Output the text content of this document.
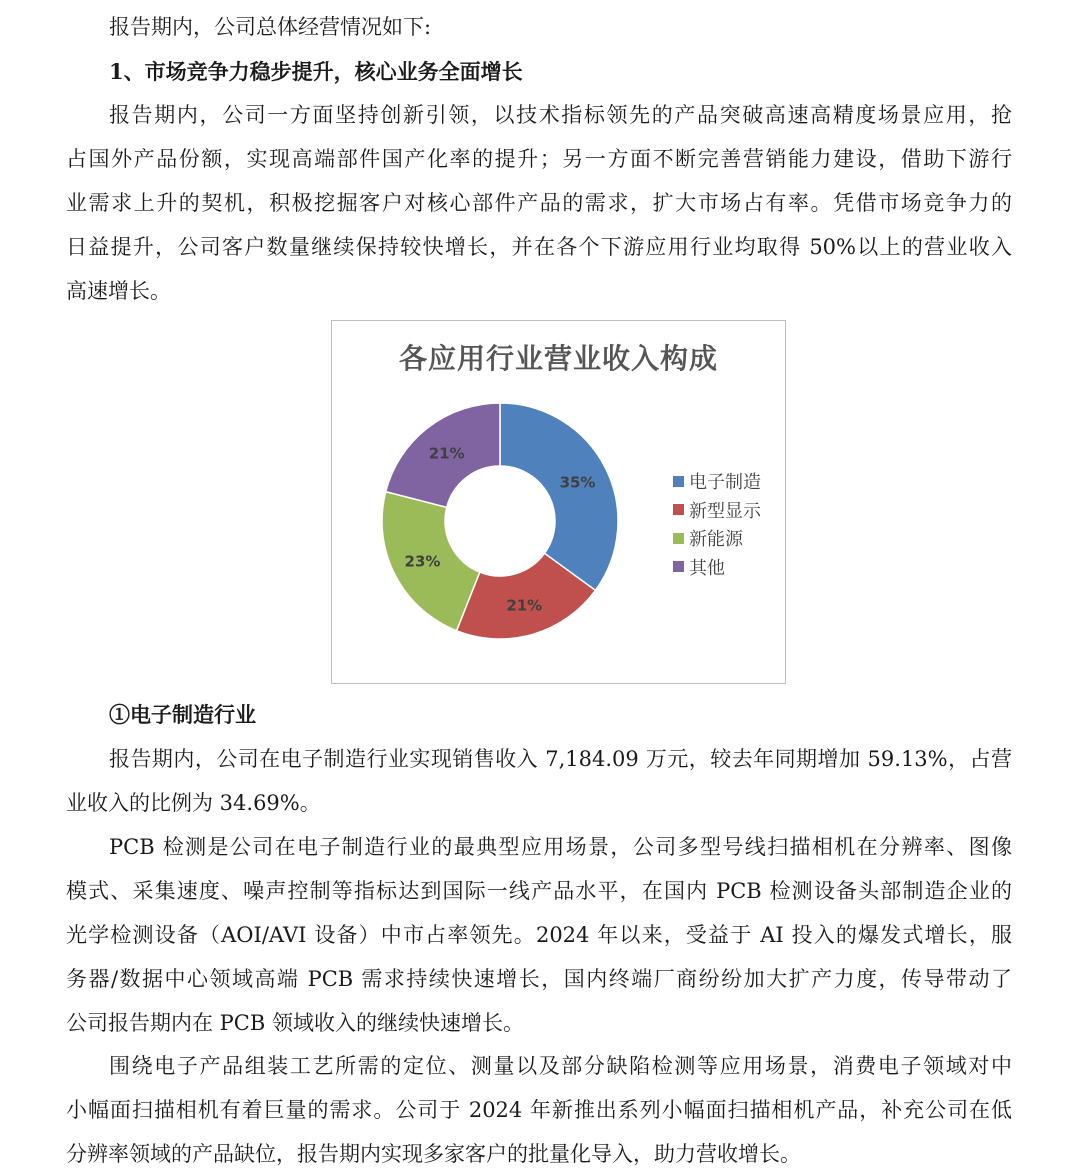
报告期内，公司总体经营情况如下:
1、市场竞争力稳步提升，核心业务全面增长
报告期内，公司一方面坚持创新引领，以技术指标领先的产品突破高速高精度场景应用，抢
占国外产品份额，实现高端部件国产化率的提升；另一方面不断完善营销能力建设，借助下游行
业需求上升的契机，积极挖掘客户对核心部件产品的需求，扩大市场占有率。凭借市场竞争力的
日益提升，公司客户数量继续保持较快增长，并在各个下游应用行业均取得 50%以上的营业收入
高速增长。
各应用行业营业收入构成
35%
21%
23%
21%
电子制造
新型显示
新能源
其他
①电子制造行业
报告期内，公司在电子制造行业实现销售收入 7,184.09 万元，较去年同期增加 59.13%，占营
业收入的比例为 34.69%。
PCB 检测是公司在电子制造行业的最典型应用场景，公司多型号线扫描相机在分辨率、图像
模式、采集速度、噪声控制等指标达到国际一线产品水平，在国内 PCB 检测设备头部制造企业的
光学检测设备（AOI/AVI 设备）中市占率领先。2024 年以来，受益于 AI 投入的爆发式增长，服
务器/数据中心领域高端 PCB 需求持续快速增长，国内终端厂商纷纷加大扩产力度，传导带动了
公司报告期内在 PCB 领域收入的继续快速增长。
围绕电子产品组装工艺所需的定位、测量以及部分缺陷检测等应用场景，消费电子领域对中
小幅面扫描相机有着巨量的需求。公司于 2024 年新推出系列小幅面扫描相机产品，补充公司在低
分辨率领域的产品缺位，报告期内实现多家客户的批量化导入，助力营收增长。
